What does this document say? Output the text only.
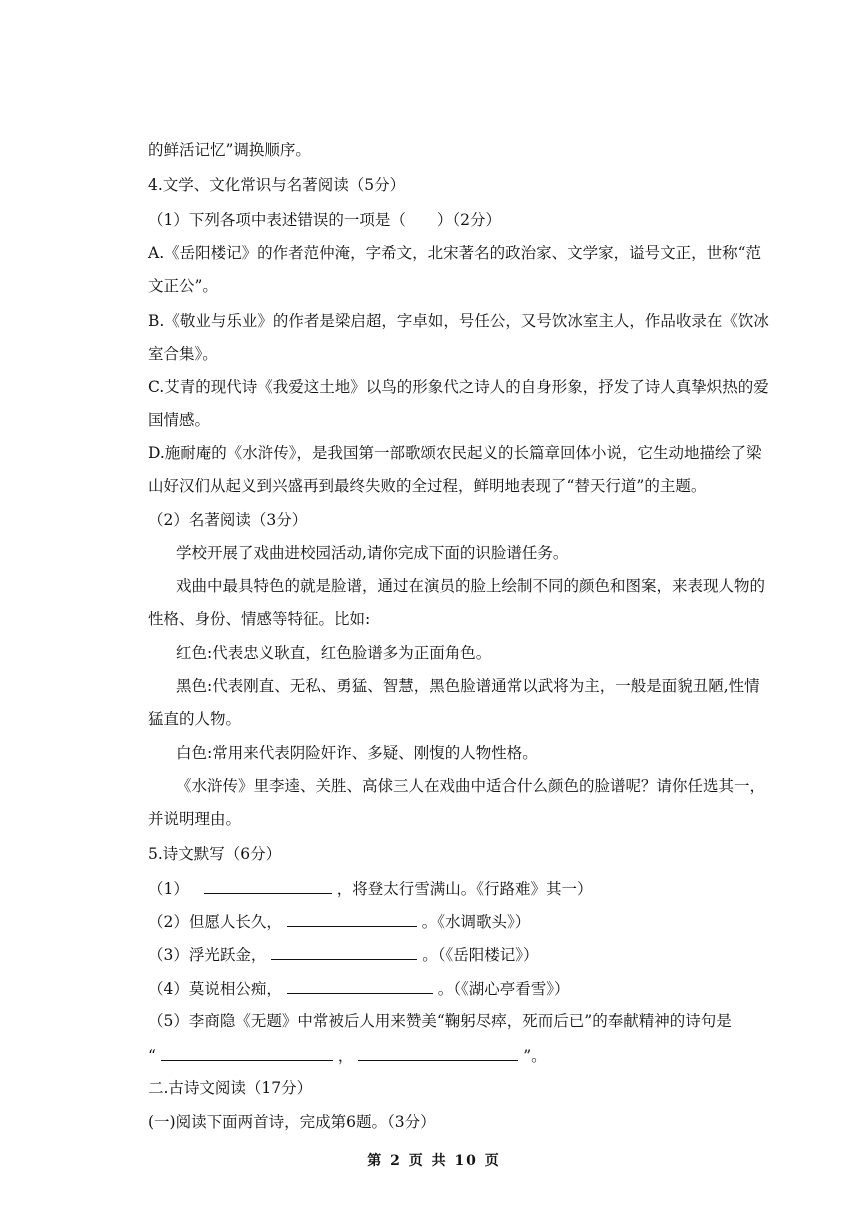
的鲜活记忆”调换顺序。
4.文学、文化常识与名著阅读（5分）
（1）下列各项中表述错误的一项是（　　）（2分）
A.《岳阳楼记》的作者范仲淹，字希文，北宋著名的政治家、文学家，谥号文正，世称“范
文正公”。
B.《敬业与乐业》的作者是梁启超，字卓如，号任公，又号饮冰室主人，作品收录在《饮冰
室合集》。
C.艾青的现代诗《我爱这土地》以鸟的形象代之诗人的自身形象，抒发了诗人真挚炽热的爱
国情感。
D.施耐庵的《水浒传》，是我国第一部歌颂农民起义的长篇章回体小说，它生动地描绘了梁
山好汉们从起义到兴盛再到最终失败的全过程，鲜明地表现了“替天行道”的主题。
（2）名著阅读（3分）
学校开展了戏曲进校园活动,请你完成下面的识脸谱任务。
戏曲中最具特色的就是脸谱，通过在演员的脸上绘制不同的颜色和图案，来表现人物的
性格、身份、情感等特征。比如:
红色:代表忠义耿直，红色脸谱多为正面角色。
黑色:代表刚直、无私、勇猛、智慧，黑色脸谱通常以武将为主，一般是面貌丑陋,性情
猛直的人物。
白色:常用来代表阴险奸诈、多疑、刚愎的人物性格。
《水浒传》里李逵、关胜、高俅三人在戏曲中适合什么颜色的脸谱呢？请你任选其一，
并说明理由。
5.诗文默写（6分）
（1）	，将登太行雪满山。《行路难》其一）
（2）但愿人长久，	。《水调歌头》）
（3）浮光跃金，	。（《岳阳楼记》）
（4）莫说相公痴，	。（《湖心亭看雪》）
（5）李商隐《无题》中常被后人用来赞美“鞠躬尽瘁，死而后已”的奉献精神的诗句是
“	，	”。
二.古诗文阅读（17分）
(一)阅读下面两首诗，完成第6题。（3分）
第 2 页 共 10 页
